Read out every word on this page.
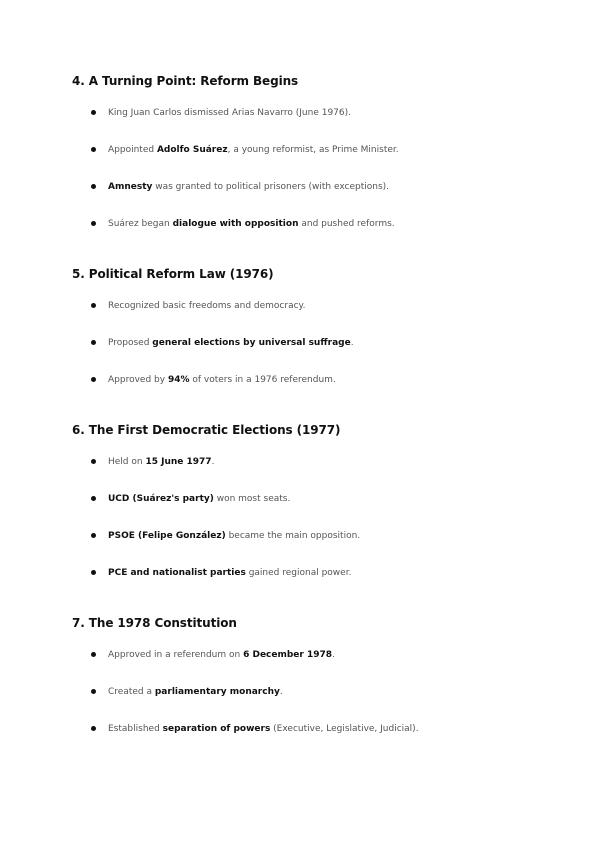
4. A Turning Point: Reform Begins
King Juan Carlos dismissed Arias Navarro (June 1976).
Appointed Adolfo Suárez, a young reformist, as Prime Minister.
Amnesty was granted to political prisoners (with exceptions).
Suárez began dialogue with opposition and pushed reforms.
5. Political Reform Law (1976)
Recognized basic freedoms and democracy.
Proposed general elections by universal suffrage.
Approved by 94% of voters in a 1976 referendum.
6. The First Democratic Elections (1977)
Held on 15 June 1977.
UCD (Suárez's party) won most seats.
PSOE (Felipe González) became the main opposition.
PCE and nationalist parties gained regional power.
7. The 1978 Constitution
Approved in a referendum on 6 December 1978.
Created a parliamentary monarchy.
Established separation of powers (Executive, Legislative, Judicial).
